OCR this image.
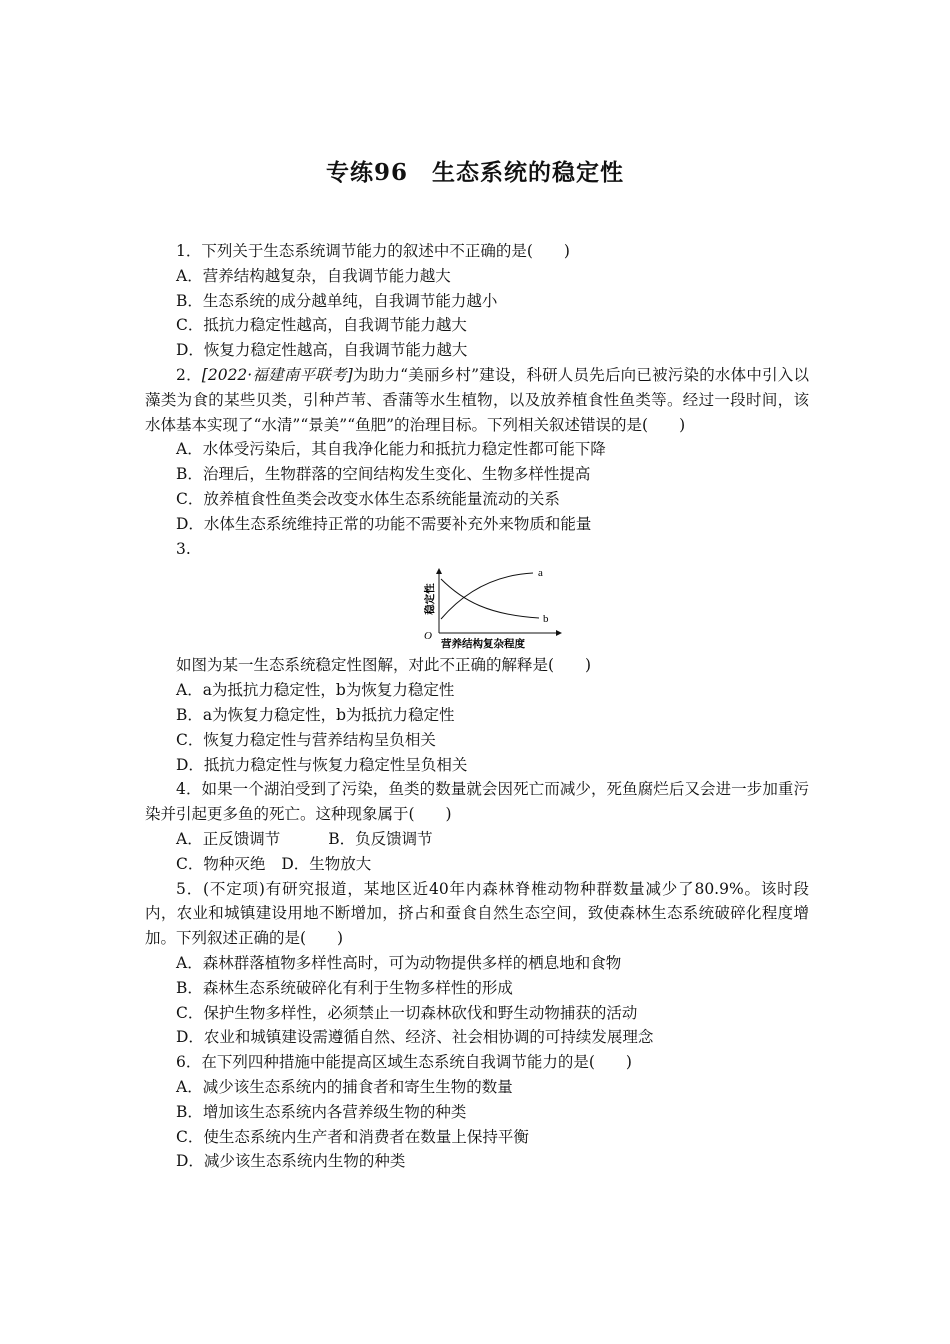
专练96　生态系统的稳定性
1．下列关于生态系统调节能力的叙述中不正确的是(　　)
A．营养结构越复杂，自我调节能力越大
B．生态系统的成分越单纯，自我调节能力越小
C．抵抗力稳定性越高，自我调节能力越大
D．恢复力稳定性越高，自我调节能力越大
2．[2022·福建南平联考]为助力“美丽乡村”建设，科研人员先后向已被污染的水体中引入以藻类为食的某些贝类，引种芦苇、香蒲等水生植物，以及放养植食性鱼类等。经过一段时间，该水体基本实现了“水清”“景美”“鱼肥”的治理目标。下列相关叙述错误的是(　　)
A．水体受污染后，其自我净化能力和抵抗力稳定性都可能下降
B．治理后，生物群落的空间结构发生变化、生物多样性提高
C．放养植食性鱼类会改变水体生态系统能量流动的关系
D．水体生态系统维持正常的功能不需要补充外来物质和能量
3.
a
b
O
营养结构复杂程度
稳定性
如图为某一生态系统稳定性图解，对此不正确的解释是(　　)
A．a为抵抗力稳定性，b为恢复力稳定性
B．a为恢复力稳定性，b为抵抗力稳定性
C．恢复力稳定性与营养结构呈负相关
D．抵抗力稳定性与恢复力稳定性呈负相关
4．如果一个湖泊受到了污染，鱼类的数量就会因死亡而减少，死鱼腐烂后又会进一步加重污染并引起更多鱼的死亡。这种现象属于(　　)
A．正反馈调节	B．负反馈调节
C．物种灭绝 D．生物放大
5．(不定项)有研究报道，某地区近40年内森林脊椎动物种群数量减少了80.9%。该时段内，农业和城镇建设用地不断增加，挤占和蚕食自然生态空间，致使森林生态系统破碎化程度增加。下列叙述正确的是(　　)
A．森林群落植物多样性高时，可为动物提供多样的栖息地和食物
B．森林生态系统破碎化有利于生物多样性的形成
C．保护生物多样性，必须禁止一切森林砍伐和野生动物捕获的活动
D．农业和城镇建设需遵循自然、经济、社会相协调的可持续发展理念
6．在下列四种措施中能提高区域生态系统自我调节能力的是(　　)
A．减少该生态系统内的捕食者和寄生生物的数量
B．增加该生态系统内各营养级生物的种类
C．使生态系统内生产者和消费者在数量上保持平衡
D．减少该生态系统内生物的种类
